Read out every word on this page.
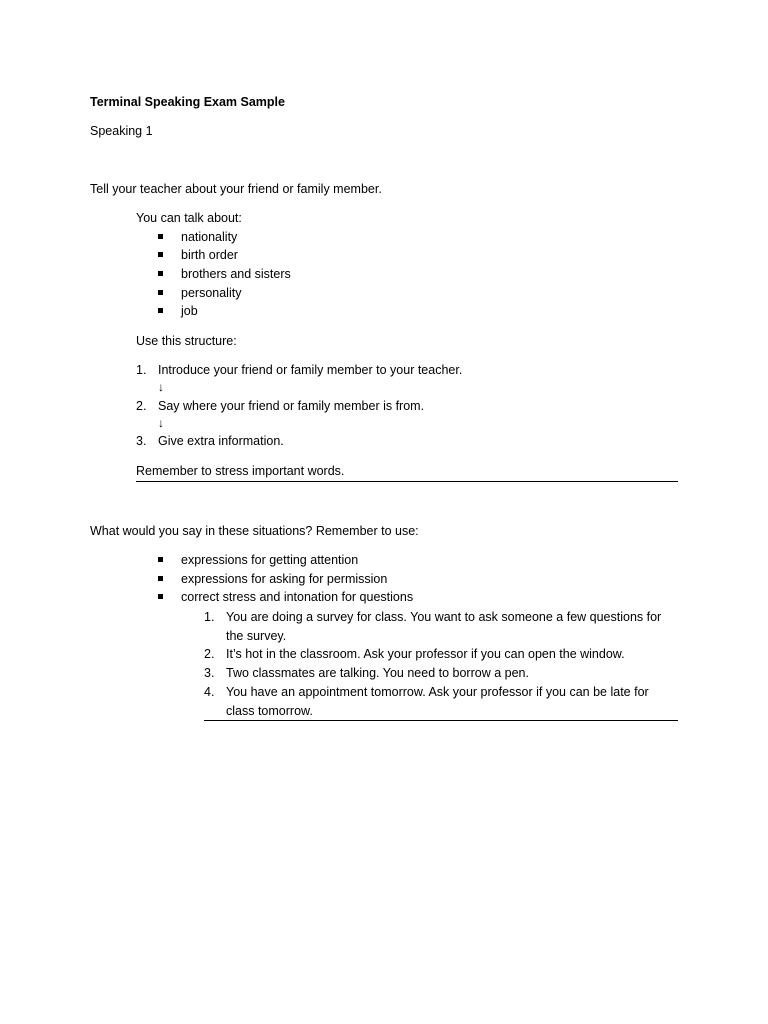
Terminal Speaking Exam Sample
Speaking 1
Tell your teacher about your friend or family member.
You can talk about:
nationality
birth order
brothers and sisters
personality
job
Use this structure:
1. Introduce your friend or family member to your teacher.
↓
2. Say where your friend or family member is from.
↓
3. Give extra information.
Remember to stress important words.
What would you say in these situations? Remember to use:
expressions for getting attention
expressions for asking for permission
correct stress and intonation for questions
1. You are doing a survey for class. You want to ask someone a few questions for
the survey.
2. It’s hot in the classroom. Ask your professor if you can open the window.
3. Two classmates are talking. You need to borrow a pen.
4. You have an appointment tomorrow. Ask your professor if you can be late for
class tomorrow.
